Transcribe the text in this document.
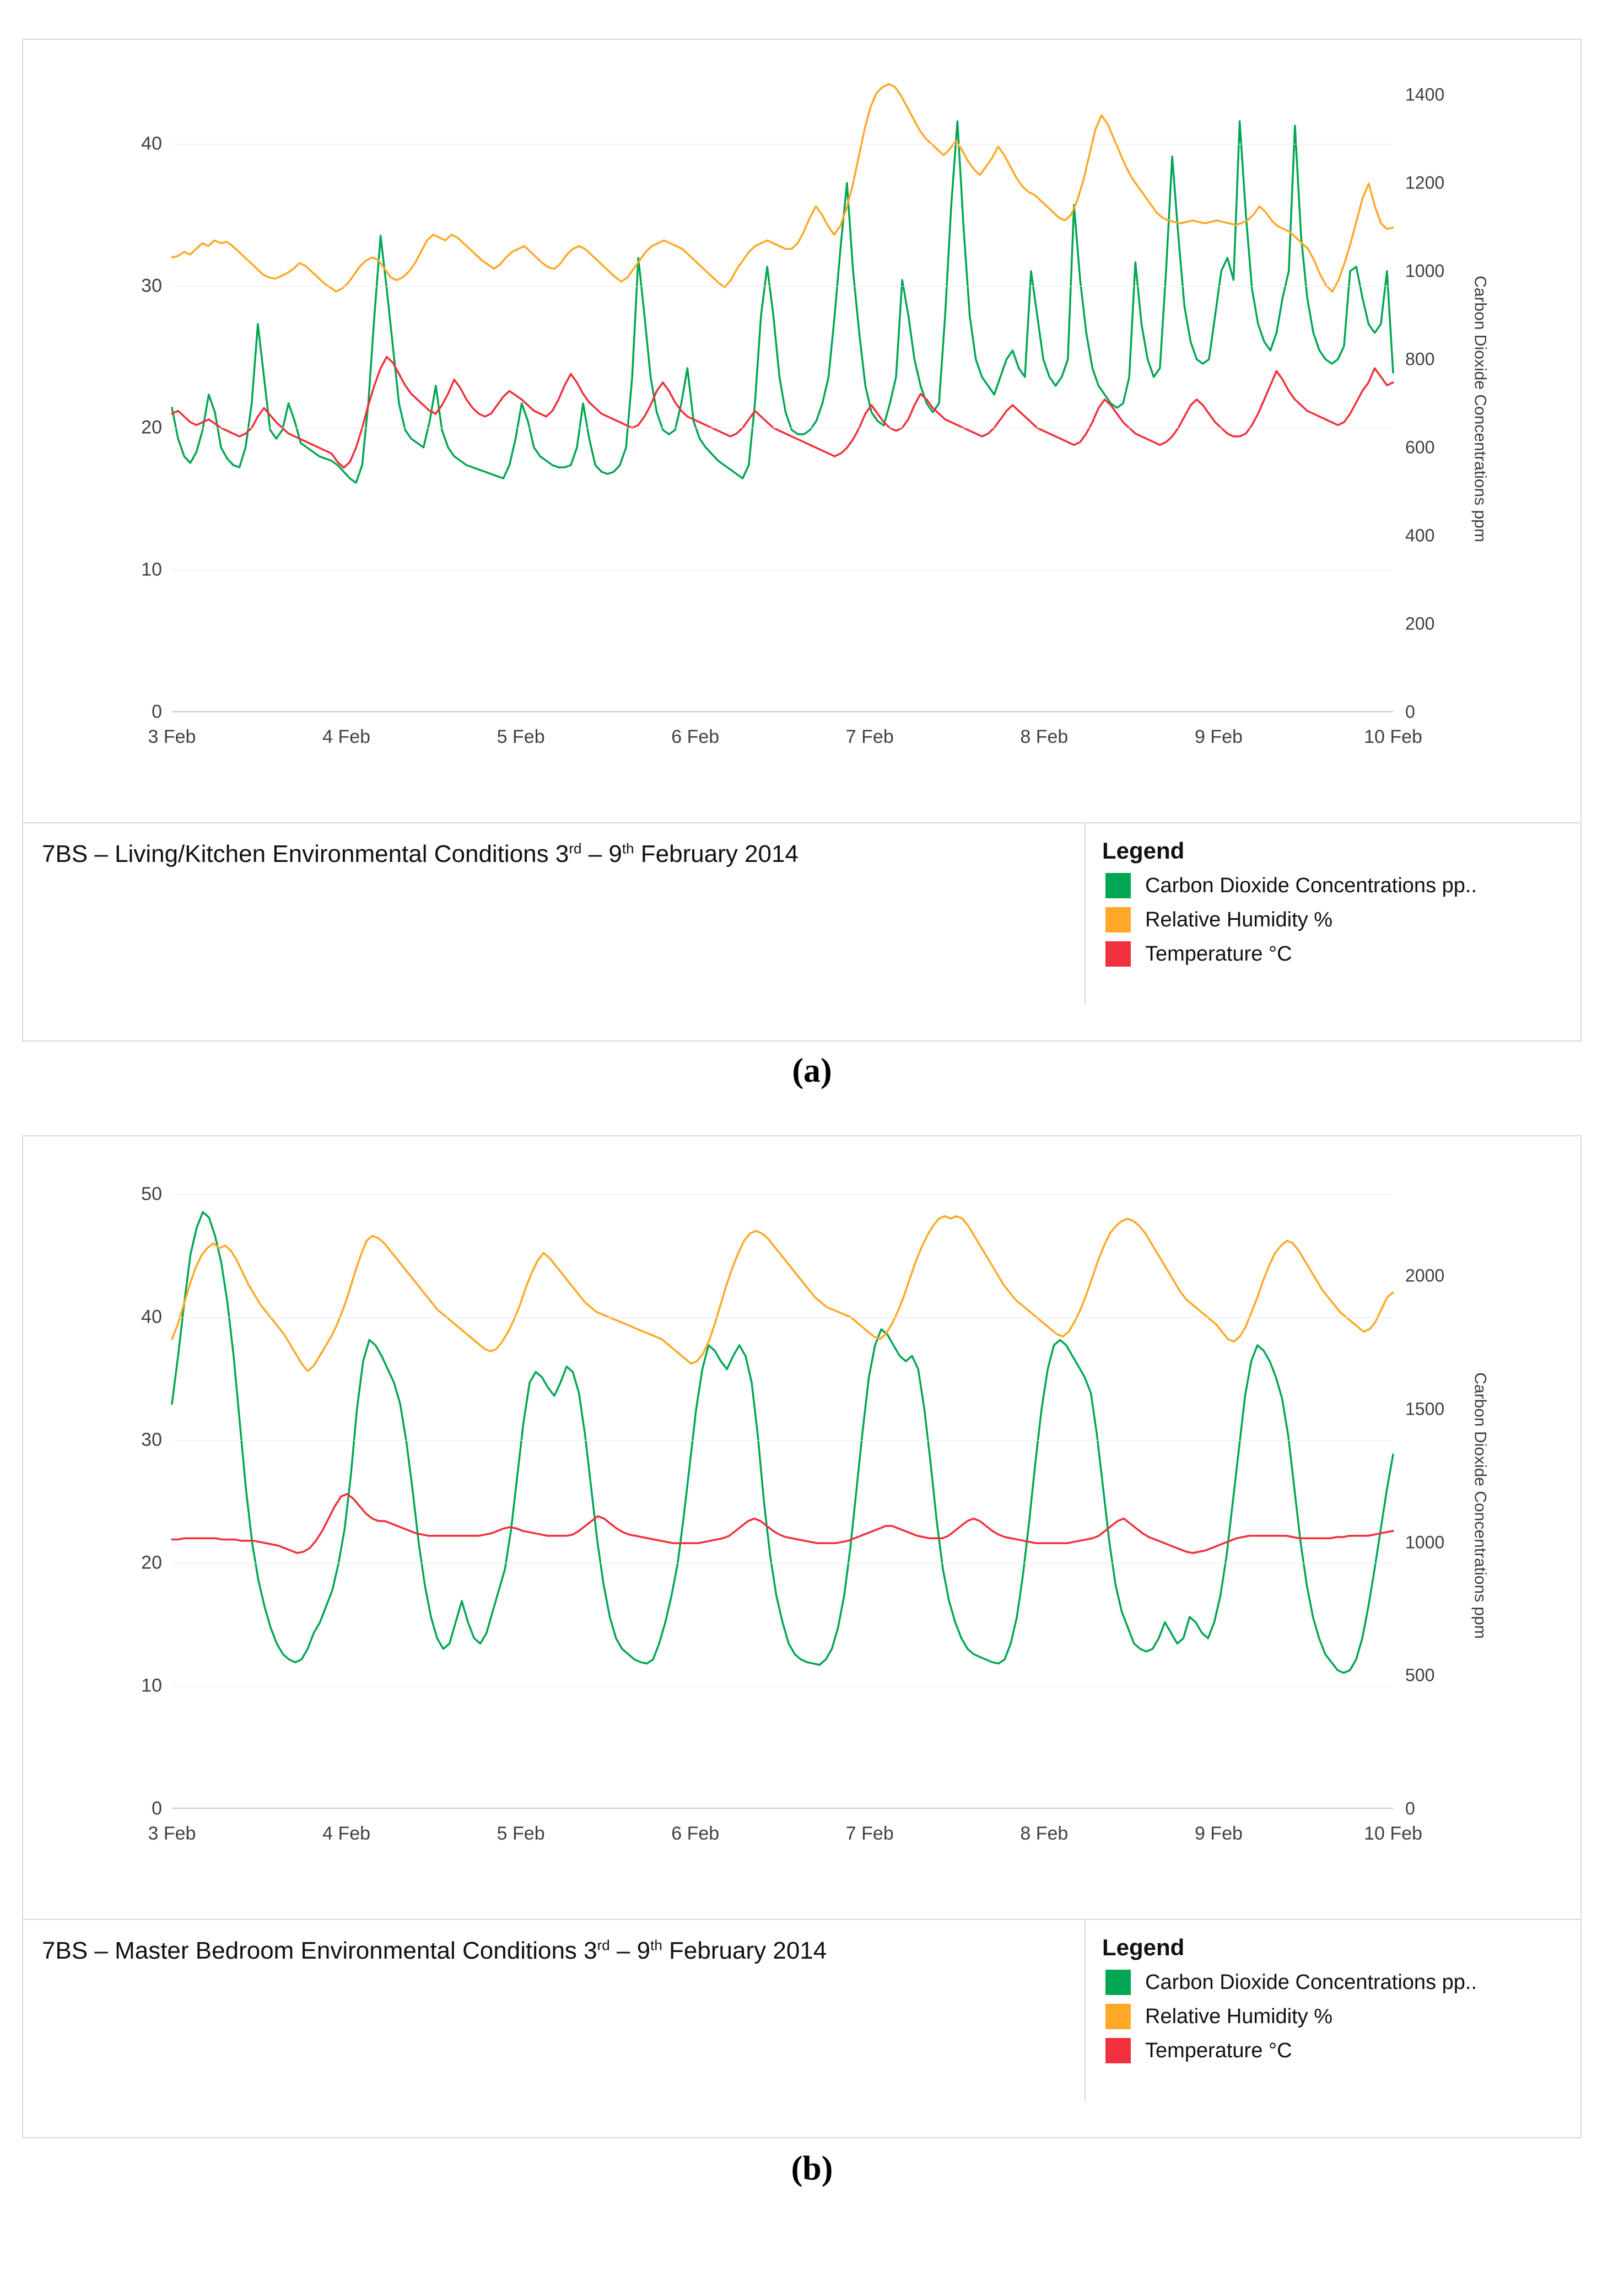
0
10
20
30
40
0
200
400
600
800
1000
1200
1400
3 Feb	4 Feb	5 Feb	6 Feb	7 Feb	8 Feb	9 Feb	10 Feb
Carbon Dioxide Concentrations ppm
7BS – Living/Kitchen Environmental Conditions 3rd – 9th February 2014	Legend
Carbon Dioxide Concentrations pp..
Relative Humidity %
Temperature °C
(a)
0
10
20
30
40
50
0
500
1000
1500
2000
3 Feb	4 Feb	5 Feb	6 Feb	7 Feb	8 Feb	9 Feb	10 Feb
Carbon Dioxide Concentrations ppm
7BS – Master Bedroom Environmental Conditions 3rd – 9th February 2014	Legend
Carbon Dioxide Concentrations pp..
Relative Humidity %
Temperature °C
(b)
